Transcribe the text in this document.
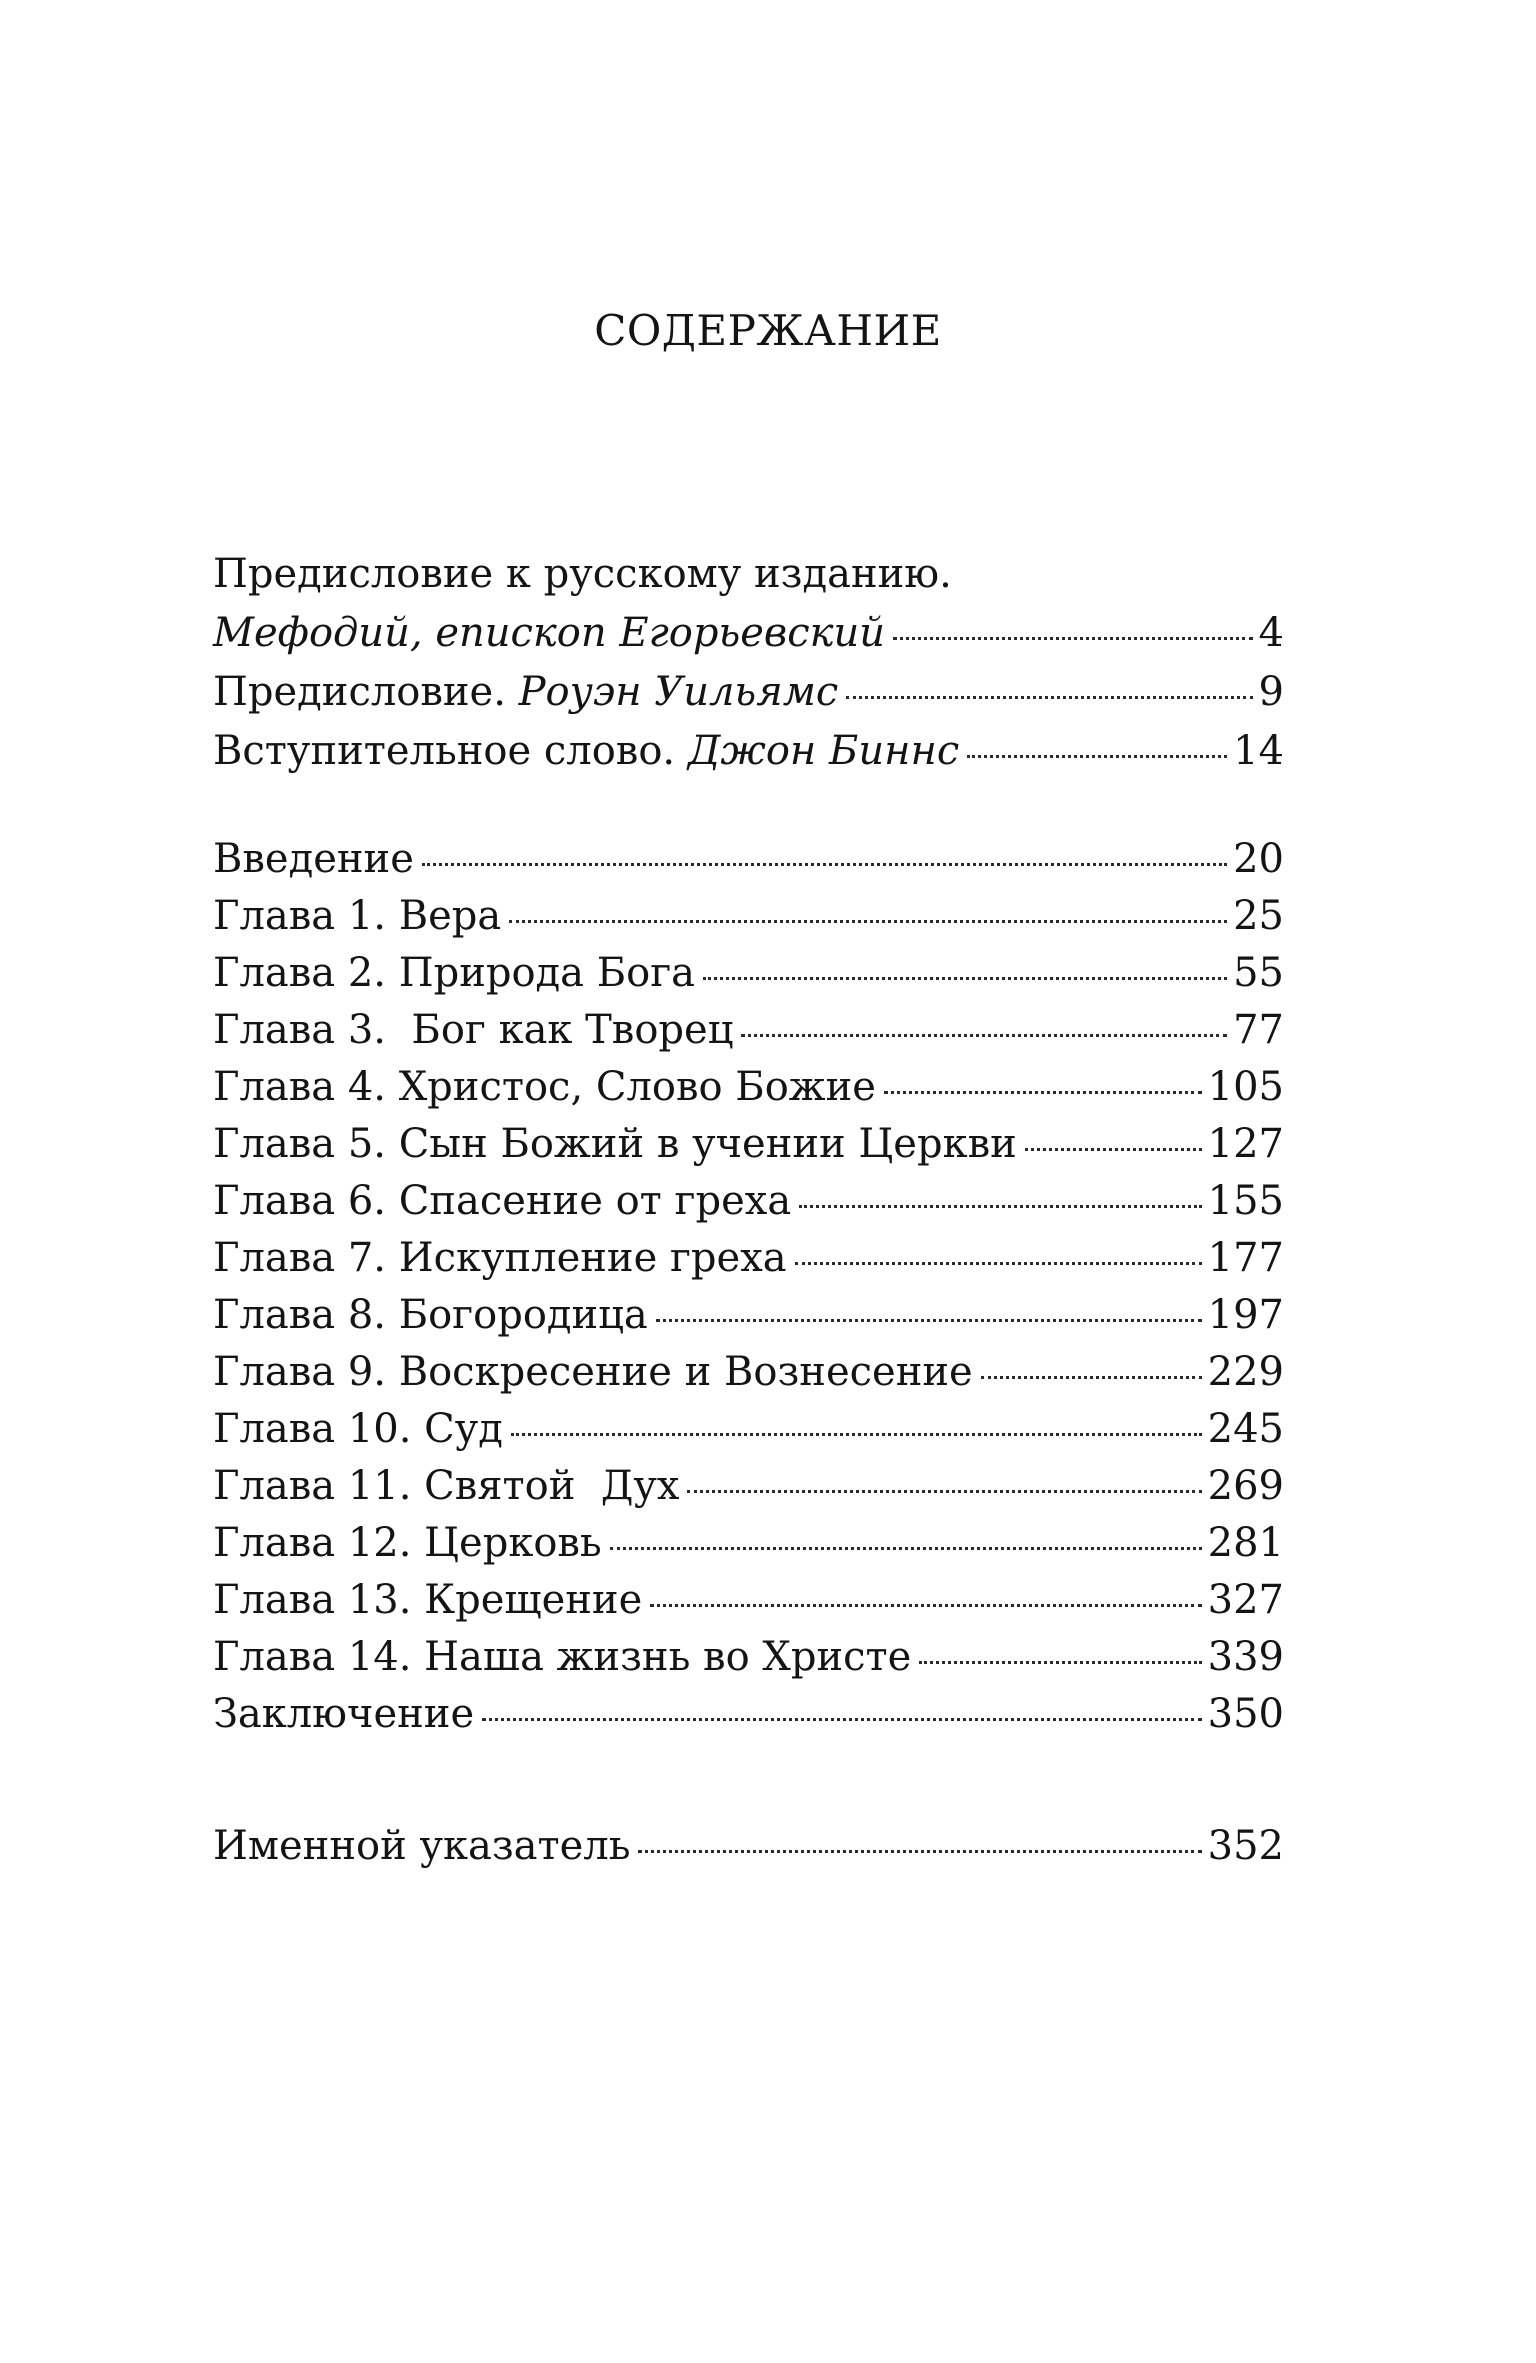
СОДЕРЖАНИЕ
Предисловие к русскому изданию.
Мефодий, епископ Егорьевский	4
Предисловие. Роуэн Уильямс	9
Вступительное слово. Джон Биннс	14
Введение	20
Глава 1. Вера	25
Глава 2. Природа Бога	55
Глава 3.  Бог как Творец	77
Глава 4. Христос, Слово Божие	105
Глава 5. Сын Божий в учении Церкви	127
Глава 6. Спасение от греха	155
Глава 7. Искупление греха	177
Глава 8. Богородица	197
Глава 9. Воскресение и Вознесение	229
Глава 10. Суд	245
Глава 11. Святой  Дух	269
Глава 12. Церковь	281
Глава 13. Крещение	327
Глава 14. Наша жизнь во Христе	339
Заключение	350
Именной указатель	352
